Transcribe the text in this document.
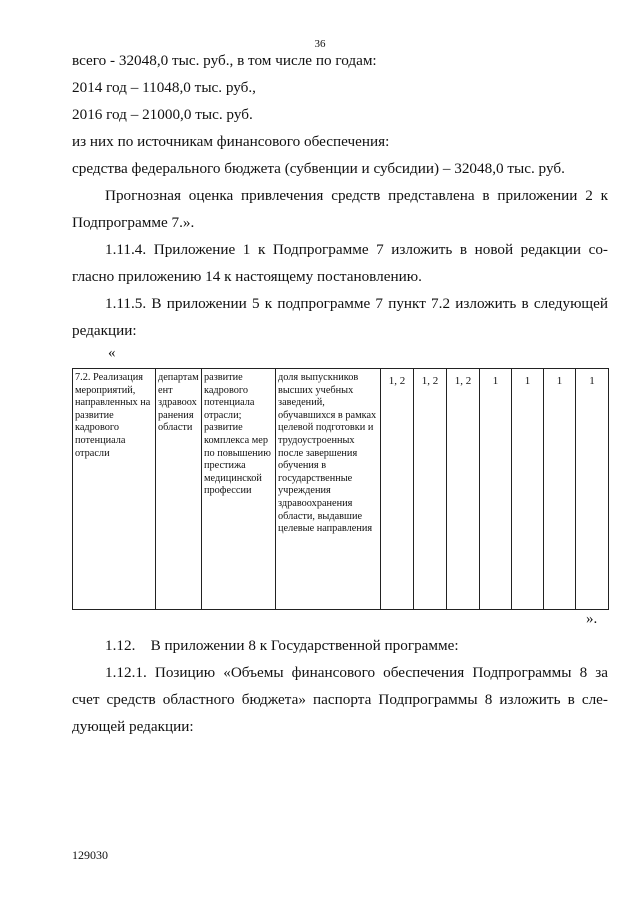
36
всего - 32048,0 тыс. руб., в том числе по годам:
2014 год – 11048,0 тыс. руб.,
2016 год – 21000,0 тыс. руб.
из них по источникам финансового обеспечения:
средства федерального бюджета (субвенции и субсидии) – 32048,0 тыс. руб.
Прогнозная оценка привлечения средств представлена в приложении 2 к
Подпрограмме 7.».
1.11.4. Приложение 1 к Подпрограмме 7 изложить в новой редакции со-
гласно приложению 14 к настоящему постановлению.
1.11.5. В приложении 5 к подпрограмме 7 пункт 7.2 изложить в следующей
редакции:
«
7.2. Реализация мероприятий, направленных на развитие кадрового потенциала отрасли	департамент здравоохранения области	развитие кадрового потенциала отрасли; развитие комплекса мер по повышению престижа медицинской профессии	доля выпускников высших учебных заведений, обучавшихся в рамках целевой подготовки и трудоустроенных после завершения обучения в государственные учреждения здравоохранения области, выдавшие целевые направления	1, 2	1, 2	1, 2	1	1	1	1
».
1.12.    В приложении 8 к Государственной программе:
1.12.1. Позицию «Объемы финансового обеспечения Подпрограммы 8 за
счет средств областного бюджета» паспорта Подпрограммы 8 изложить в сле-
дующей редакции:
129030
